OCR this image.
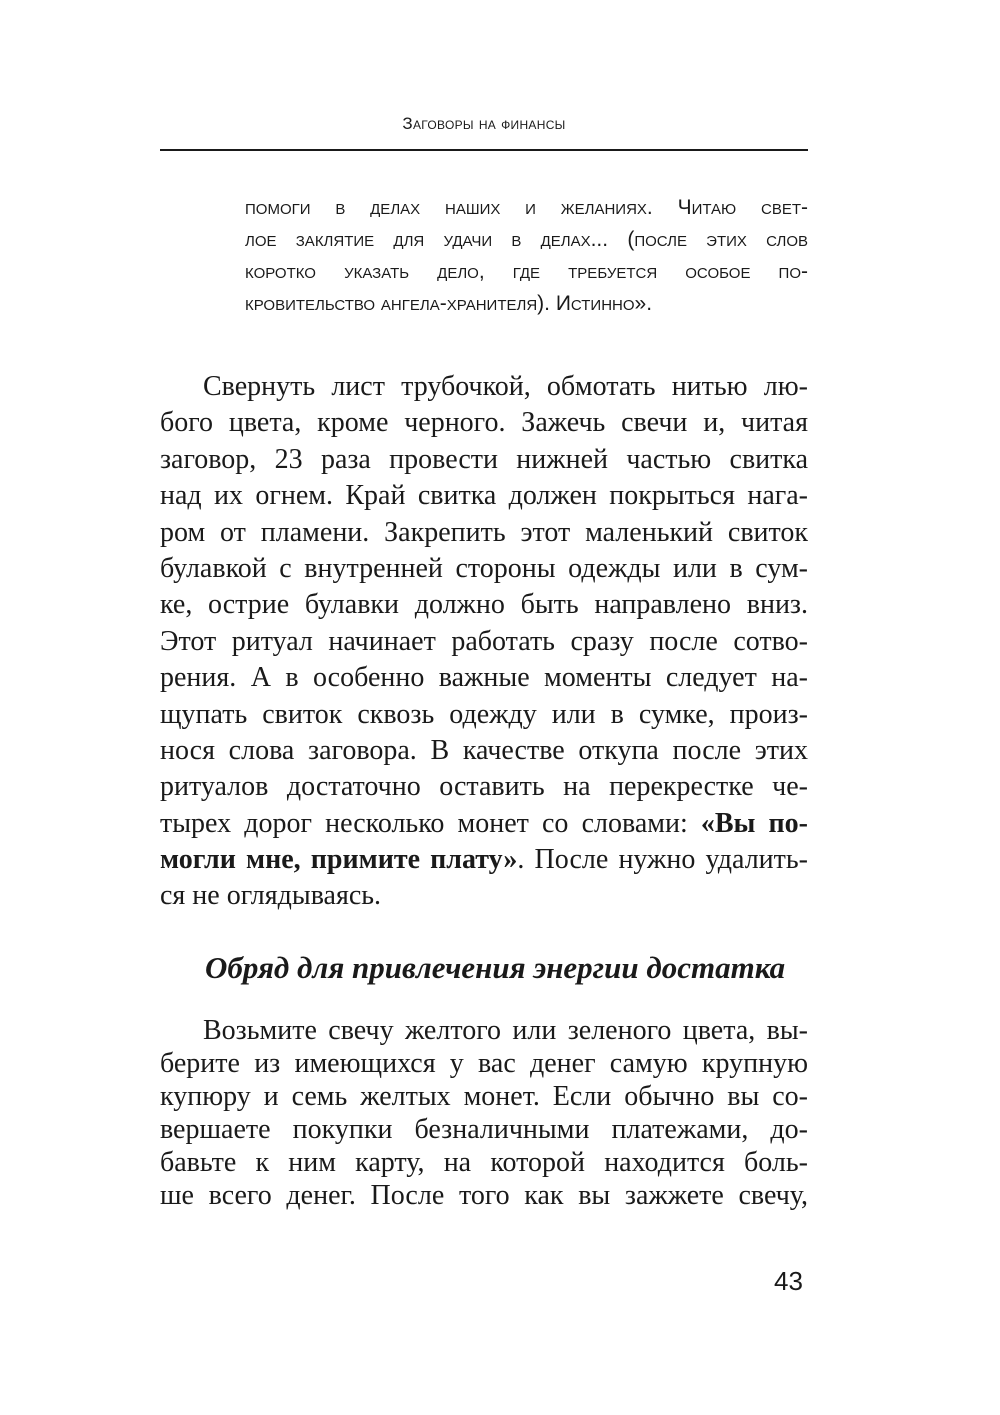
Заговоры на финансы
помоги в делах наших и желаниях. Читаю свет-
лое заклятие для удачи в делах... (после этих слов
коротко указать дело, где требуется особое по-
кровительство ангела-хранителя). Истинно».
Свернуть лист трубочкой, обмотать нитью лю-
бого цвета, кроме черного. Зажечь свечи и, читая
заговор, 23 раза провести нижней частью свитка
над их огнем. Край свитка должен покрыться нага-
ром от пламени. Закрепить этот маленький свиток
булавкой с внутренней стороны одежды или в сум-
ке, острие булавки должно быть направлено вниз.
Этот ритуал начинает работать сразу после сотво-
рения. А в особенно важные моменты следует на-
щупать свиток сквозь одежду или в сумке, произ-
нося слова заговора. В качестве откупа после этих
ритуалов достаточно оставить на перекрестке че-
тырех дорог несколько монет со словами: «Вы по-
могли мне, примите плату». После нужно удалить-
ся не оглядываясь.
Обряд для привлечения энергии достатка
Возьмите свечу желтого или зеленого цвета, вы-
берите из имеющихся у вас денег самую крупную
купюру и семь желтых монет. Если обычно вы со-
вершаете покупки безналичными платежами, до-
бавьте к ним карту, на которой находится боль-
ше всего денег. После того как вы зажжете свечу,
43
